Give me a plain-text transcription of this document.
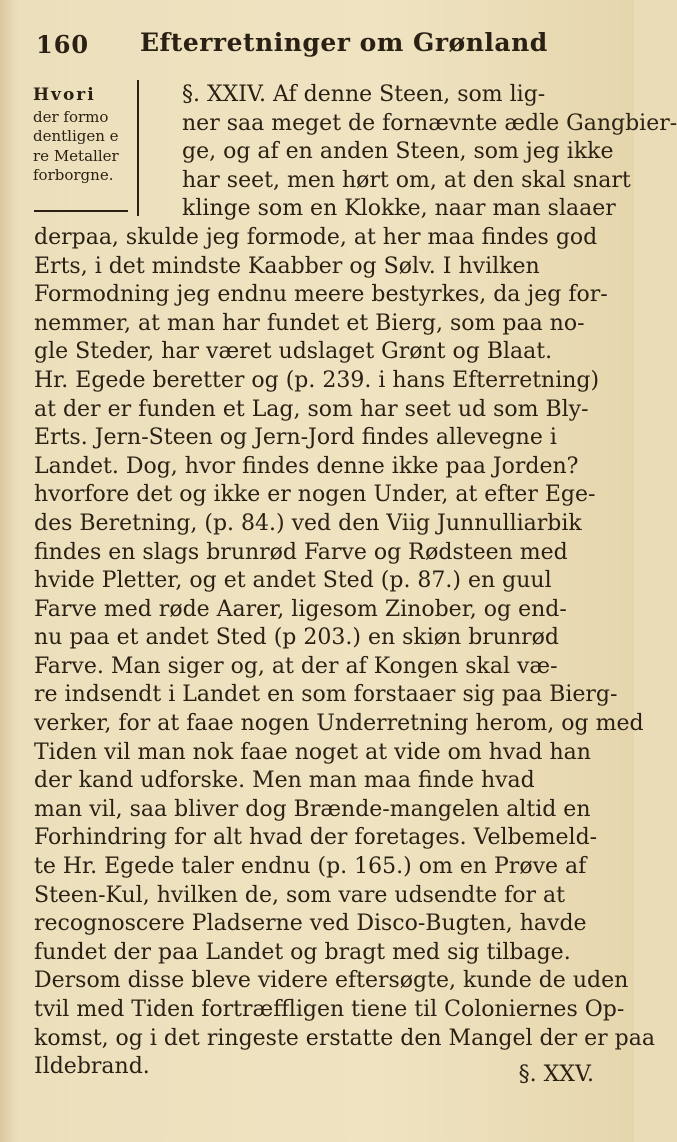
160 Efterretninger om Grønland
Hvori
der formo
dentligen e
re Metaller
forborgne.
§. XXIV. Af denne Steen, som lig-
ner saa meget de fornævnte ædle Gangbier-
ge, og af en anden Steen, som jeg ikke
har seet, men hørt om, at den skal snart
klinge som en Klokke, naar man slaaer
derpaa, skulde jeg formode, at her maa findes god
Erts, i det mindste Kaabber og Sølv. I hvilken
Formodning jeg endnu meere bestyrkes, da jeg for-
nemmer, at man har fundet et Bierg, som paa no-
gle Steder, har været udslaget Grønt og Blaat.
Hr. Egede beretter og (p. 239. i hans Efterretning)
at der er funden et Lag, som har seet ud som Bly-
Erts. Jern-Steen og Jern-Jord findes allevegne i
Landet. Dog, hvor findes denne ikke paa Jorden?
hvorfore det og ikke er nogen Under, at efter Ege-
des Beretning, (p. 84.) ved den Viig Junnulliarbik
findes en slags brunrød Farve og Rødsteen med
hvide Pletter, og et andet Sted (p. 87.) en guul
Farve med røde Aarer, ligesom Zinober, og end-
nu paa et andet Sted (p 203.) en skiøn brunrød
Farve. Man siger og, at der af Kongen skal væ-
re indsendt i Landet en som forstaaer sig paa Bierg-
verker, for at faae nogen Underretning herom, og med
Tiden vil man nok faae noget at vide om hvad han
der kand udforske. Men man maa finde hvad
man vil, saa bliver dog Brænde-mangelen altid en
Forhindring for alt hvad der foretages. Velbemeld-
te Hr. Egede taler endnu (p. 165.) om en Prøve af
Steen-Kul, hvilken de, som vare udsendte for at
recognoscere Pladserne ved Disco-Bugten, havde
fundet der paa Landet og bragt med sig tilbage.
Dersom disse bleve videre eftersøgte, kunde de uden
tvil med Tiden fortræffligen tiene til Coloniernes Op-
komst, og i det ringeste erstatte den Mangel der er paa
Ildebrand.	§. XXV.
